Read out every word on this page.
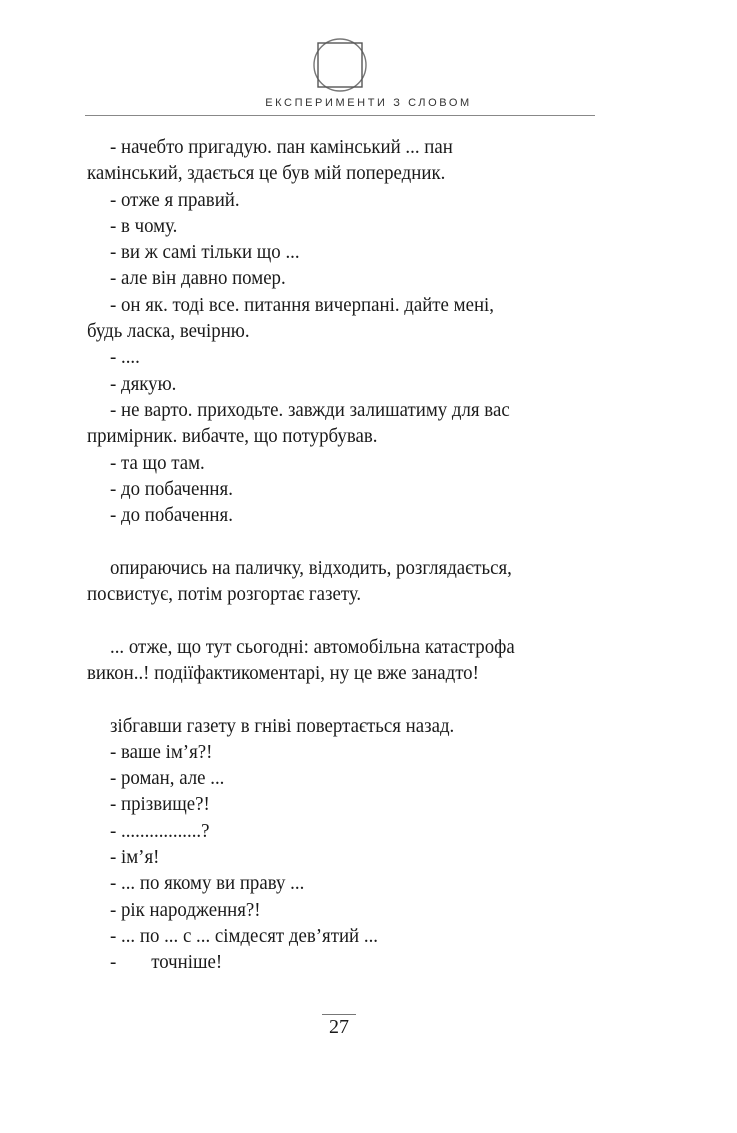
ЕКСПЕРИМЕНТИ З СЛОВОМ

- начебто пригадую. пан камінський ... пан

камінський, здається це був мій попередник.

- отже я правий.

- в чому.

- ви ж самі тільки що ...

- але він давно помер.

- он як. тоді все. питання вичерпані. дайте мені,

будь ласка, вечірню.

- ....

- дякую.

- не варто. приходьте. завжди залишатиму для вас

примірник. вибачте, що потурбував.

- та що там.

- до побачення.

- до побачення.

опираючись на паличку, відходить, розглядається,

посвистує, потім розгортає газету.

... отже, що тут сьогодні: автомобільна катастрофа

викон..! подіїфактикоментарі, ну це вже занадто!

зібгавши газету в гніві повертається назад.

- ваше ім’я?!

- роман, але ...

- прізвище?!

- .................?

- ім’я!

- ... по якому ви праву ...

- рік народження?!

- ... по ... с ... сімдесят дев’ятий ...

- точніше!

27
